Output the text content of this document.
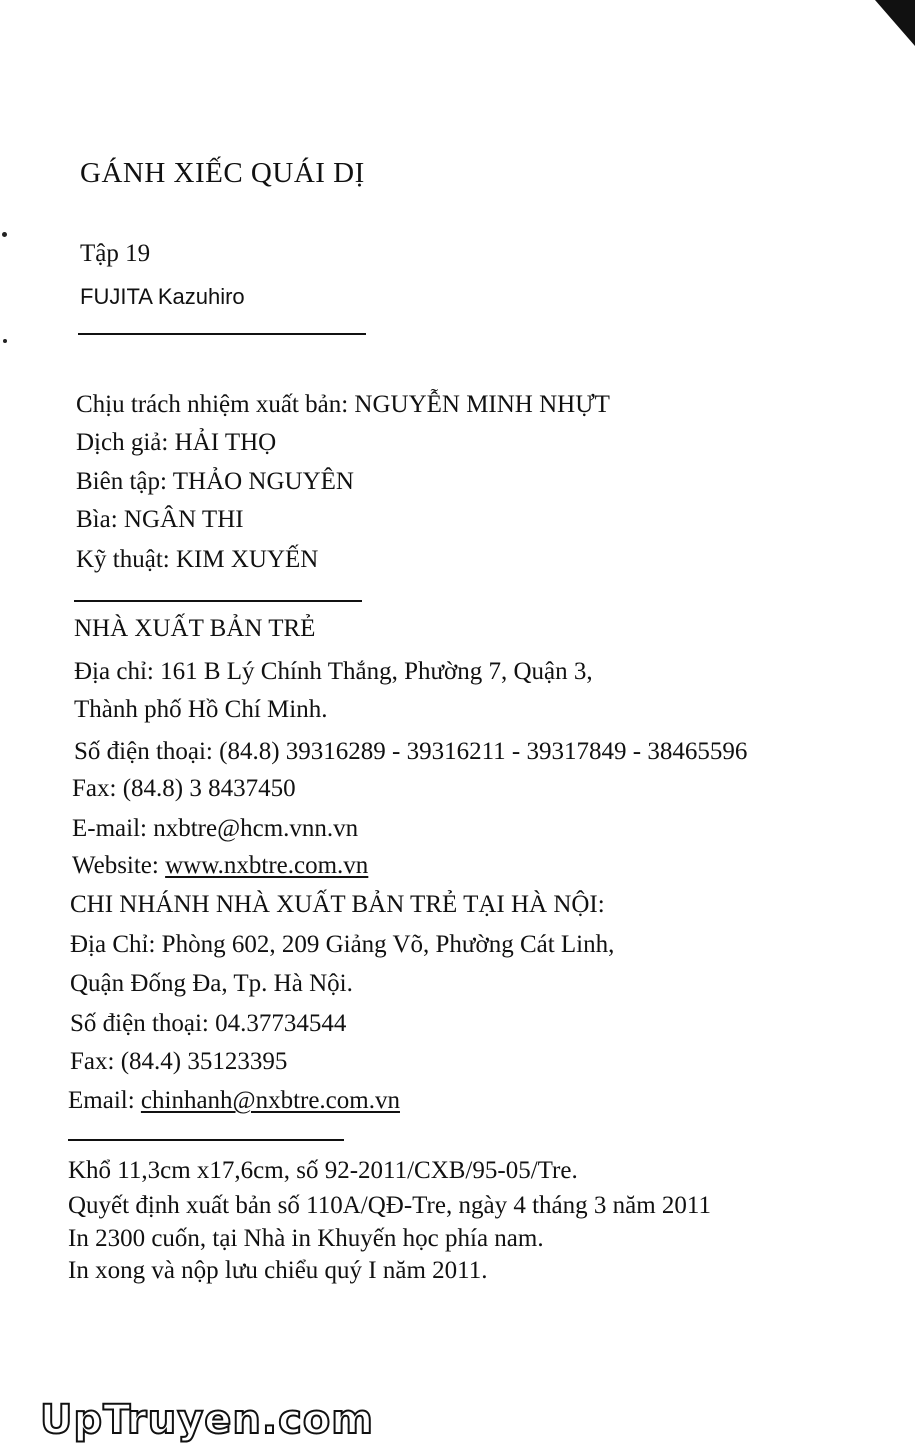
GÁNH XIẾC QUÁI DỊ
Tập 19
FUJITA Kazuhiro
Chịu trách nhiệm xuất bản: NGUYỄN MINH NHỰT
Dịch giả: HẢI THỌ
Biên tập: THẢO NGUYÊN
Bìa: NGÂN THI
Kỹ thuật: KIM XUYẾN
NHÀ XUẤT BẢN TRẺ
Địa chỉ: 161 B Lý Chính Thắng, Phường 7, Quận 3,
Thành phố Hồ Chí Minh.
Số điện thoại: (84.8) 39316289 - 39316211 - 39317849 - 38465596
Fax: (84.8) 3 8437450
E-mail: nxbtre@hcm.vnn.vn
Website: www.nxbtre.com.vn
CHI NHÁNH NHÀ XUẤT BẢN TRẺ TẠI HÀ NỘI:
Địa Chỉ: Phòng 602, 209 Giảng Võ, Phường Cát Linh,
Quận Đống Đa, Tp. Hà Nội.
Số điện thoại: 04.37734544
Fax: (84.4) 35123395
Email: chinhanh@nxbtre.com.vn
Khổ 11,3cm x17,6cm, số 92-2011/CXB/95-05/Tre.
Quyết định xuất bản số 110A/QĐ-Tre, ngày 4 tháng 3 năm 2011
In 2300 cuốn, tại Nhà in Khuyến học phía nam.
In xong và nộp lưu chiểu quý I năm 2011.
UpTruyen.com
